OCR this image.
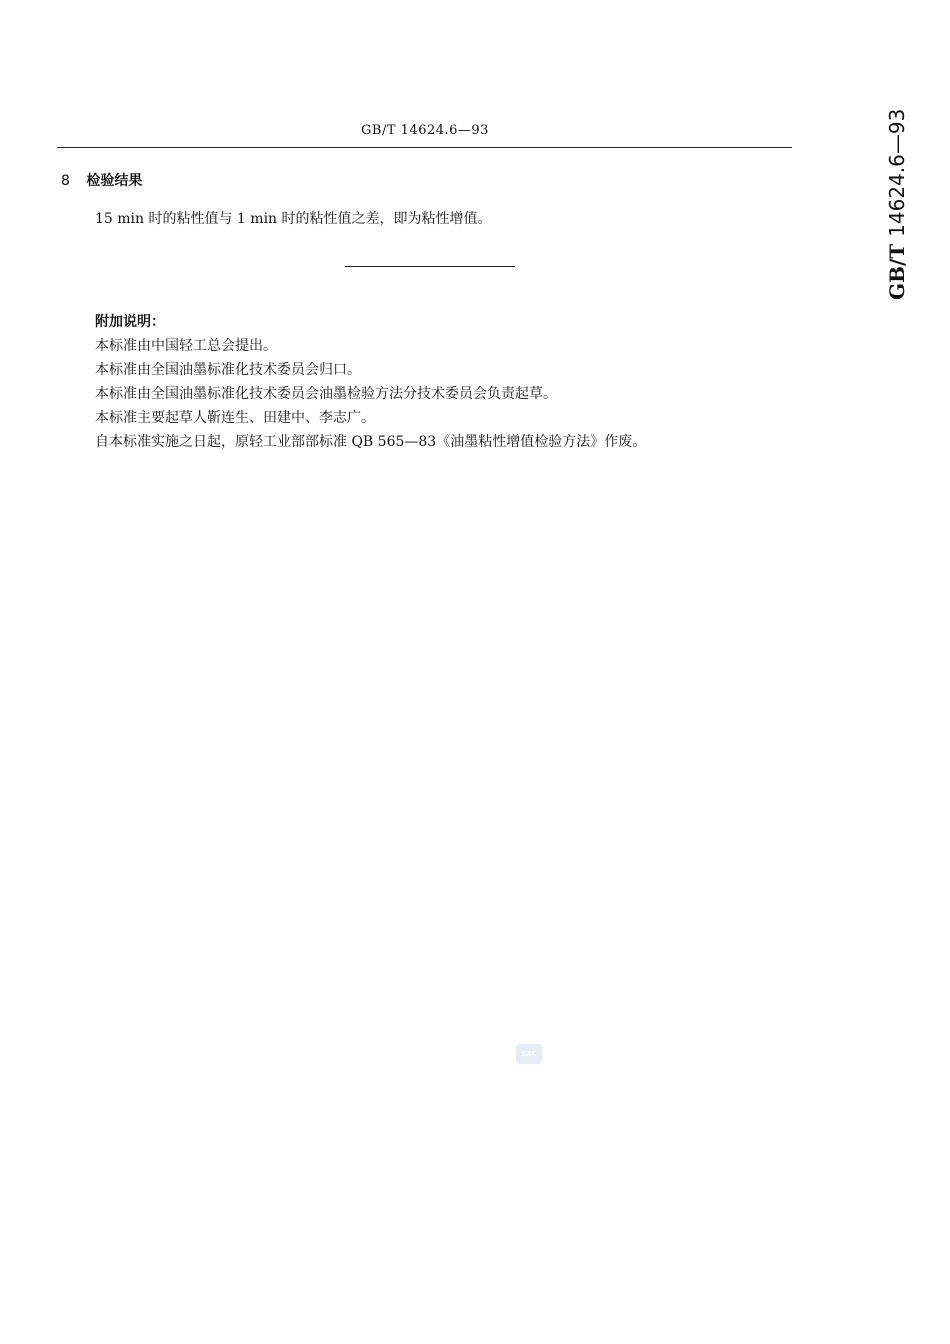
GB/T 14624.6—93
GB/T 14624.6—93
8 检验结果
15 min 时的粘性值与 1 min 时的粘性值之差，即为粘性增值。
附加说明：
本标准由中国轻工总会提出。
本标准由全国油墨标准化技术委员会归口。
本标准由全国油墨标准化技术委员会油墨检验方法分技术委员会负责起草。
本标准主要起草人靳连生、田建中、李志广。
自本标准实施之日起，原轻工业部部标准 QB 565—83《油墨粘性增值检验方法》作废。
SAC
